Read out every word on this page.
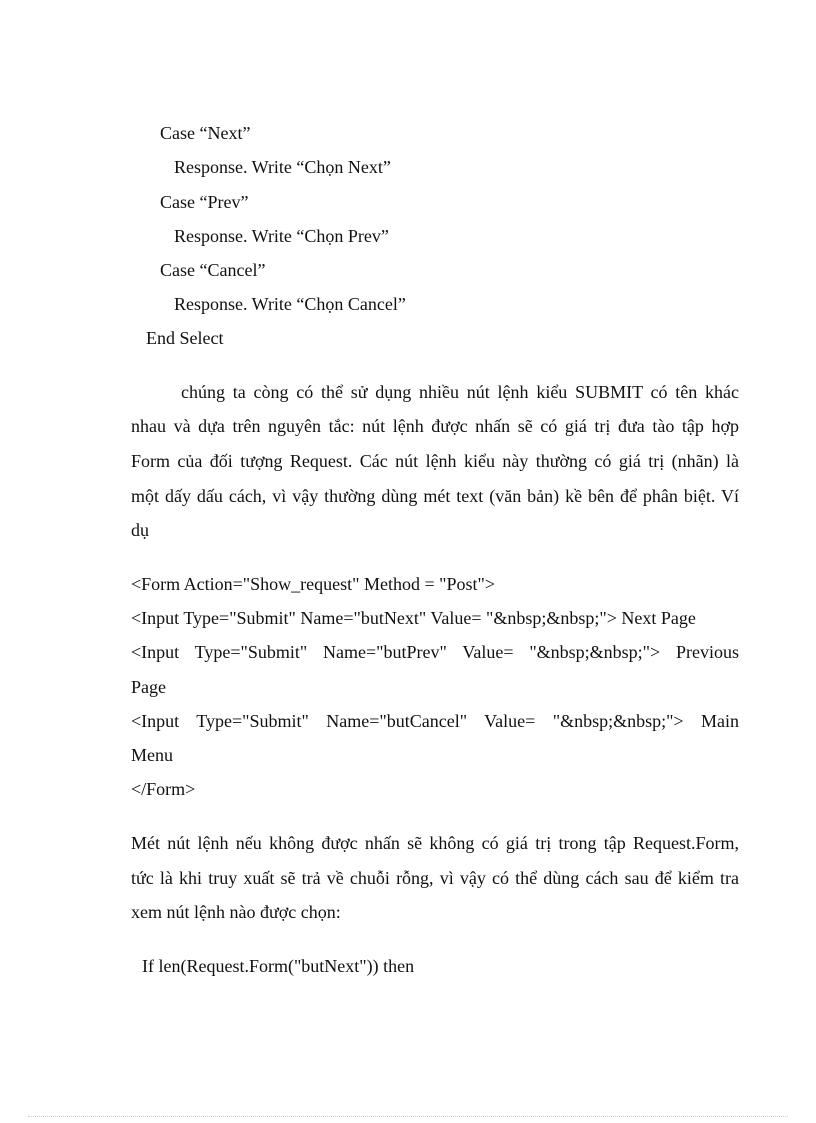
Case “Next”
Response. Write “Chọn Next”
Case “Prev”
Response. Write “Chọn Prev”
Case “Cancel”
Response. Write “Chọn Cancel”
End Select
chúng ta còng có thể sử dụng nhiều nút lệnh kiểu SUBMIT có tên khác
nhau và dựa trên nguyên tắc: nút lệnh được nhấn sẽ có giá trị đưa tào tập hợp
Form của đối tượng Request. Các nút lệnh kiểu này thường có giá trị (nhãn) là
một dấy dấu cách, vì vậy thường dùng mét text (văn bản) kề bên để phân biệt. Ví
dụ
<Form Action="Show_request" Method = "Post">
<Input Type="Submit" Name="butNext" Value= "&nbsp;&nbsp;"> Next Page
<Input  Type="Submit"  Name="butPrev"  Value=  "&nbsp;&nbsp;">  Previous
Page
<Input  Type="Submit"  Name="butCancel"  Value=  "&nbsp;&nbsp;">  Main
Menu
</Form>
Mét nút lệnh nếu không được nhấn sẽ không có giá trị trong tập Request.Form,
tức là khi truy xuất sẽ trả về chuỗi rỗng, vì vậy có thể dùng cách sau để kiểm tra
xem nút lệnh nào được chọn:
If len(Request.Form("butNext")) then
